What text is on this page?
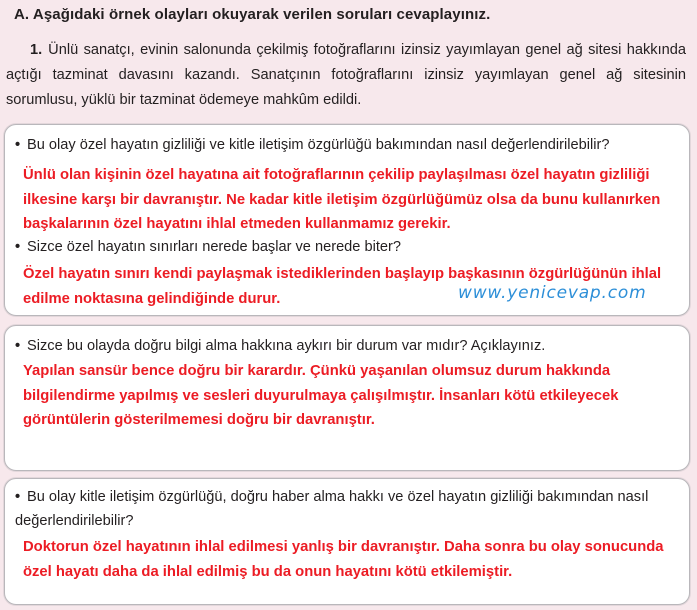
A. Aşağıdaki örnek olayları okuyarak verilen soruları cevaplayınız.
1. Ünlü sanatçı, evinin salonunda çekilmiş fotoğraflarını izinsiz yayımlayan genel ağ sitesi hakkında açtığı tazminat davasını kazandı. Sanatçının fotoğraflarını izinsiz yayımlayan genel ağ sitesinin sorumlusu, yüklü bir tazminat ödemeye mahkûm edildi.
• Bu olay özel hayatın gizliliği ve kitle iletişim özgürlüğü bakımından nasıl değerlendirilebilir?
Ünlü olan kişinin özel hayatına ait fotoğraflarının çekilip paylaşılması özel hayatın gizliliği ilkesine karşı bir davranıştır. Ne kadar kitle iletişim özgürlüğümüz olsa da bunu kullanırken başkalarının özel hayatını ihlal etmeden kullanmamız gerekir.
• Sizce özel hayatın sınırları nerede başlar ve nerede biter?
Özel hayatın sınırı kendi paylaşmak istediklerinden başlayıp başkasının özgürlüğünün ihlal edilme noktasına gelindiğinde durur.	www.yenicevap.com
• Sizce bu olayda doğru bilgi alma hakkına aykırı bir durum var mıdır? Açıklayınız.
Yapılan sansür bence doğru bir karardır. Çünkü yaşanılan olumsuz durum hakkında bilgilendirme yapılmış ve sesleri duyurulmaya çalışılmıştır. İnsanları kötü etkileyecek görüntülerin gösterilmemesi doğru bir davranıştır.
• Bu olay kitle iletişim özgürlüğü, doğru haber alma hakkı ve özel hayatın gizliliği bakımından nasıl değerlendirilebilir?
Doktorun özel hayatının ihlal edilmesi yanlış bir davranıştır. Daha sonra bu olay sonucunda özel hayatı daha da ihlal edilmiş bu da onun hayatını kötü etkilemiştir.
